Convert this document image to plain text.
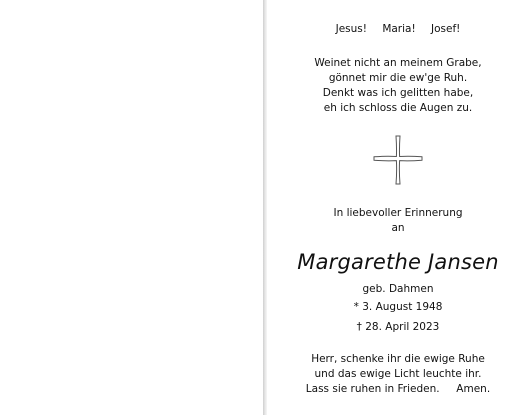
Jesus! Maria! Josef!
Weinet nicht an meinem Grabe,
gönnet mir die ew'ge Ruh.
Denkt was ich gelitten habe,
eh ich schloss die Augen zu.
In liebevoller Erinnerung
an
Margarethe Jansen
geb. Dahmen
* 3. August 1948
† 28. April 2023
Herr, schenke ihr die ewige Ruhe
und das ewige Licht leuchte ihr.
Lass sie ruhen in Frieden.     Amen.
